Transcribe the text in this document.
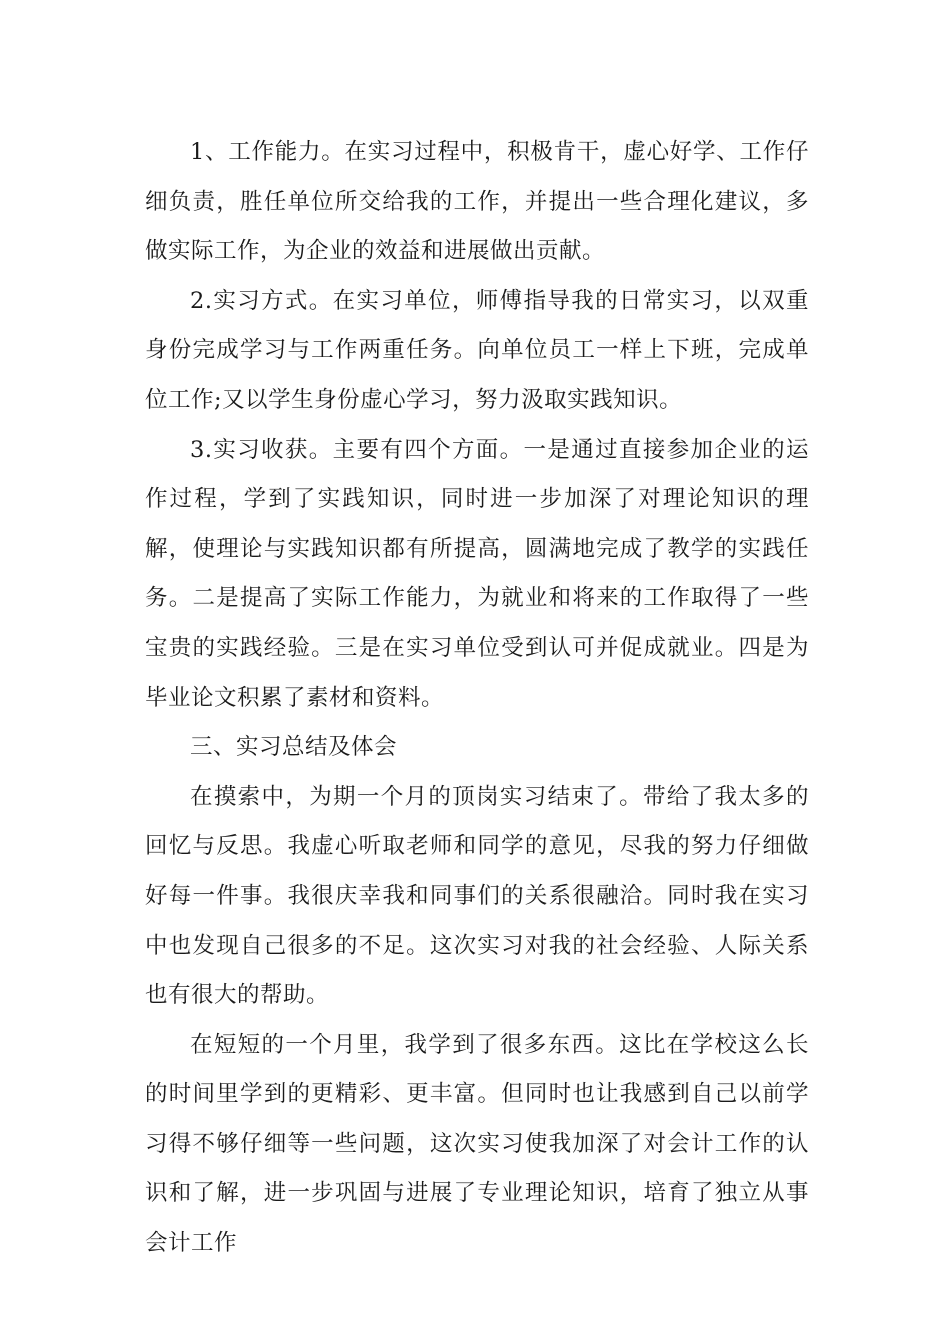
1、工作能力。在实习过程中，积极肯干，虚心好学、工作仔细负责，胜任单位所交给我的工作，并提出一些合理化建议，多做实际工作，为企业的效益和进展做出贡献。

2.实习方式。在实习单位，师傅指导我的日常实习，以双重身份完成学习与工作两重任务。向单位员工一样上下班，完成单位工作;又以学生身份虚心学习，努力汲取实践知识。

3.实习收获。主要有四个方面。一是通过直接参加企业的运作过程，学到了实践知识，同时进一步加深了对理论知识的理解，使理论与实践知识都有所提高，圆满地完成了教学的实践任务。二是提高了实际工作能力，为就业和将来的工作取得了一些宝贵的实践经验。三是在实习单位受到认可并促成就业。四是为毕业论文积累了素材和资料。

三、实习总结及体会

在摸索中，为期一个月的顶岗实习结束了。带给了我太多的回忆与反思。我虚心听取老师和同学的意见，尽我的努力仔细做好每一件事。我很庆幸我和同事们的关系很融洽。同时我在实习中也发现自己很多的不足。这次实习对我的社会经验、人际关系也有很大的帮助。

在短短的一个月里，我学到了很多东西。这比在学校这么长的时间里学到的更精彩、更丰富。但同时也让我感到自己以前学习得不够仔细等一些问题，这次实习使我加深了对会计工作的认识和了解，进一步巩固与进展了专业理论知识，培育了独立从事会计工作
